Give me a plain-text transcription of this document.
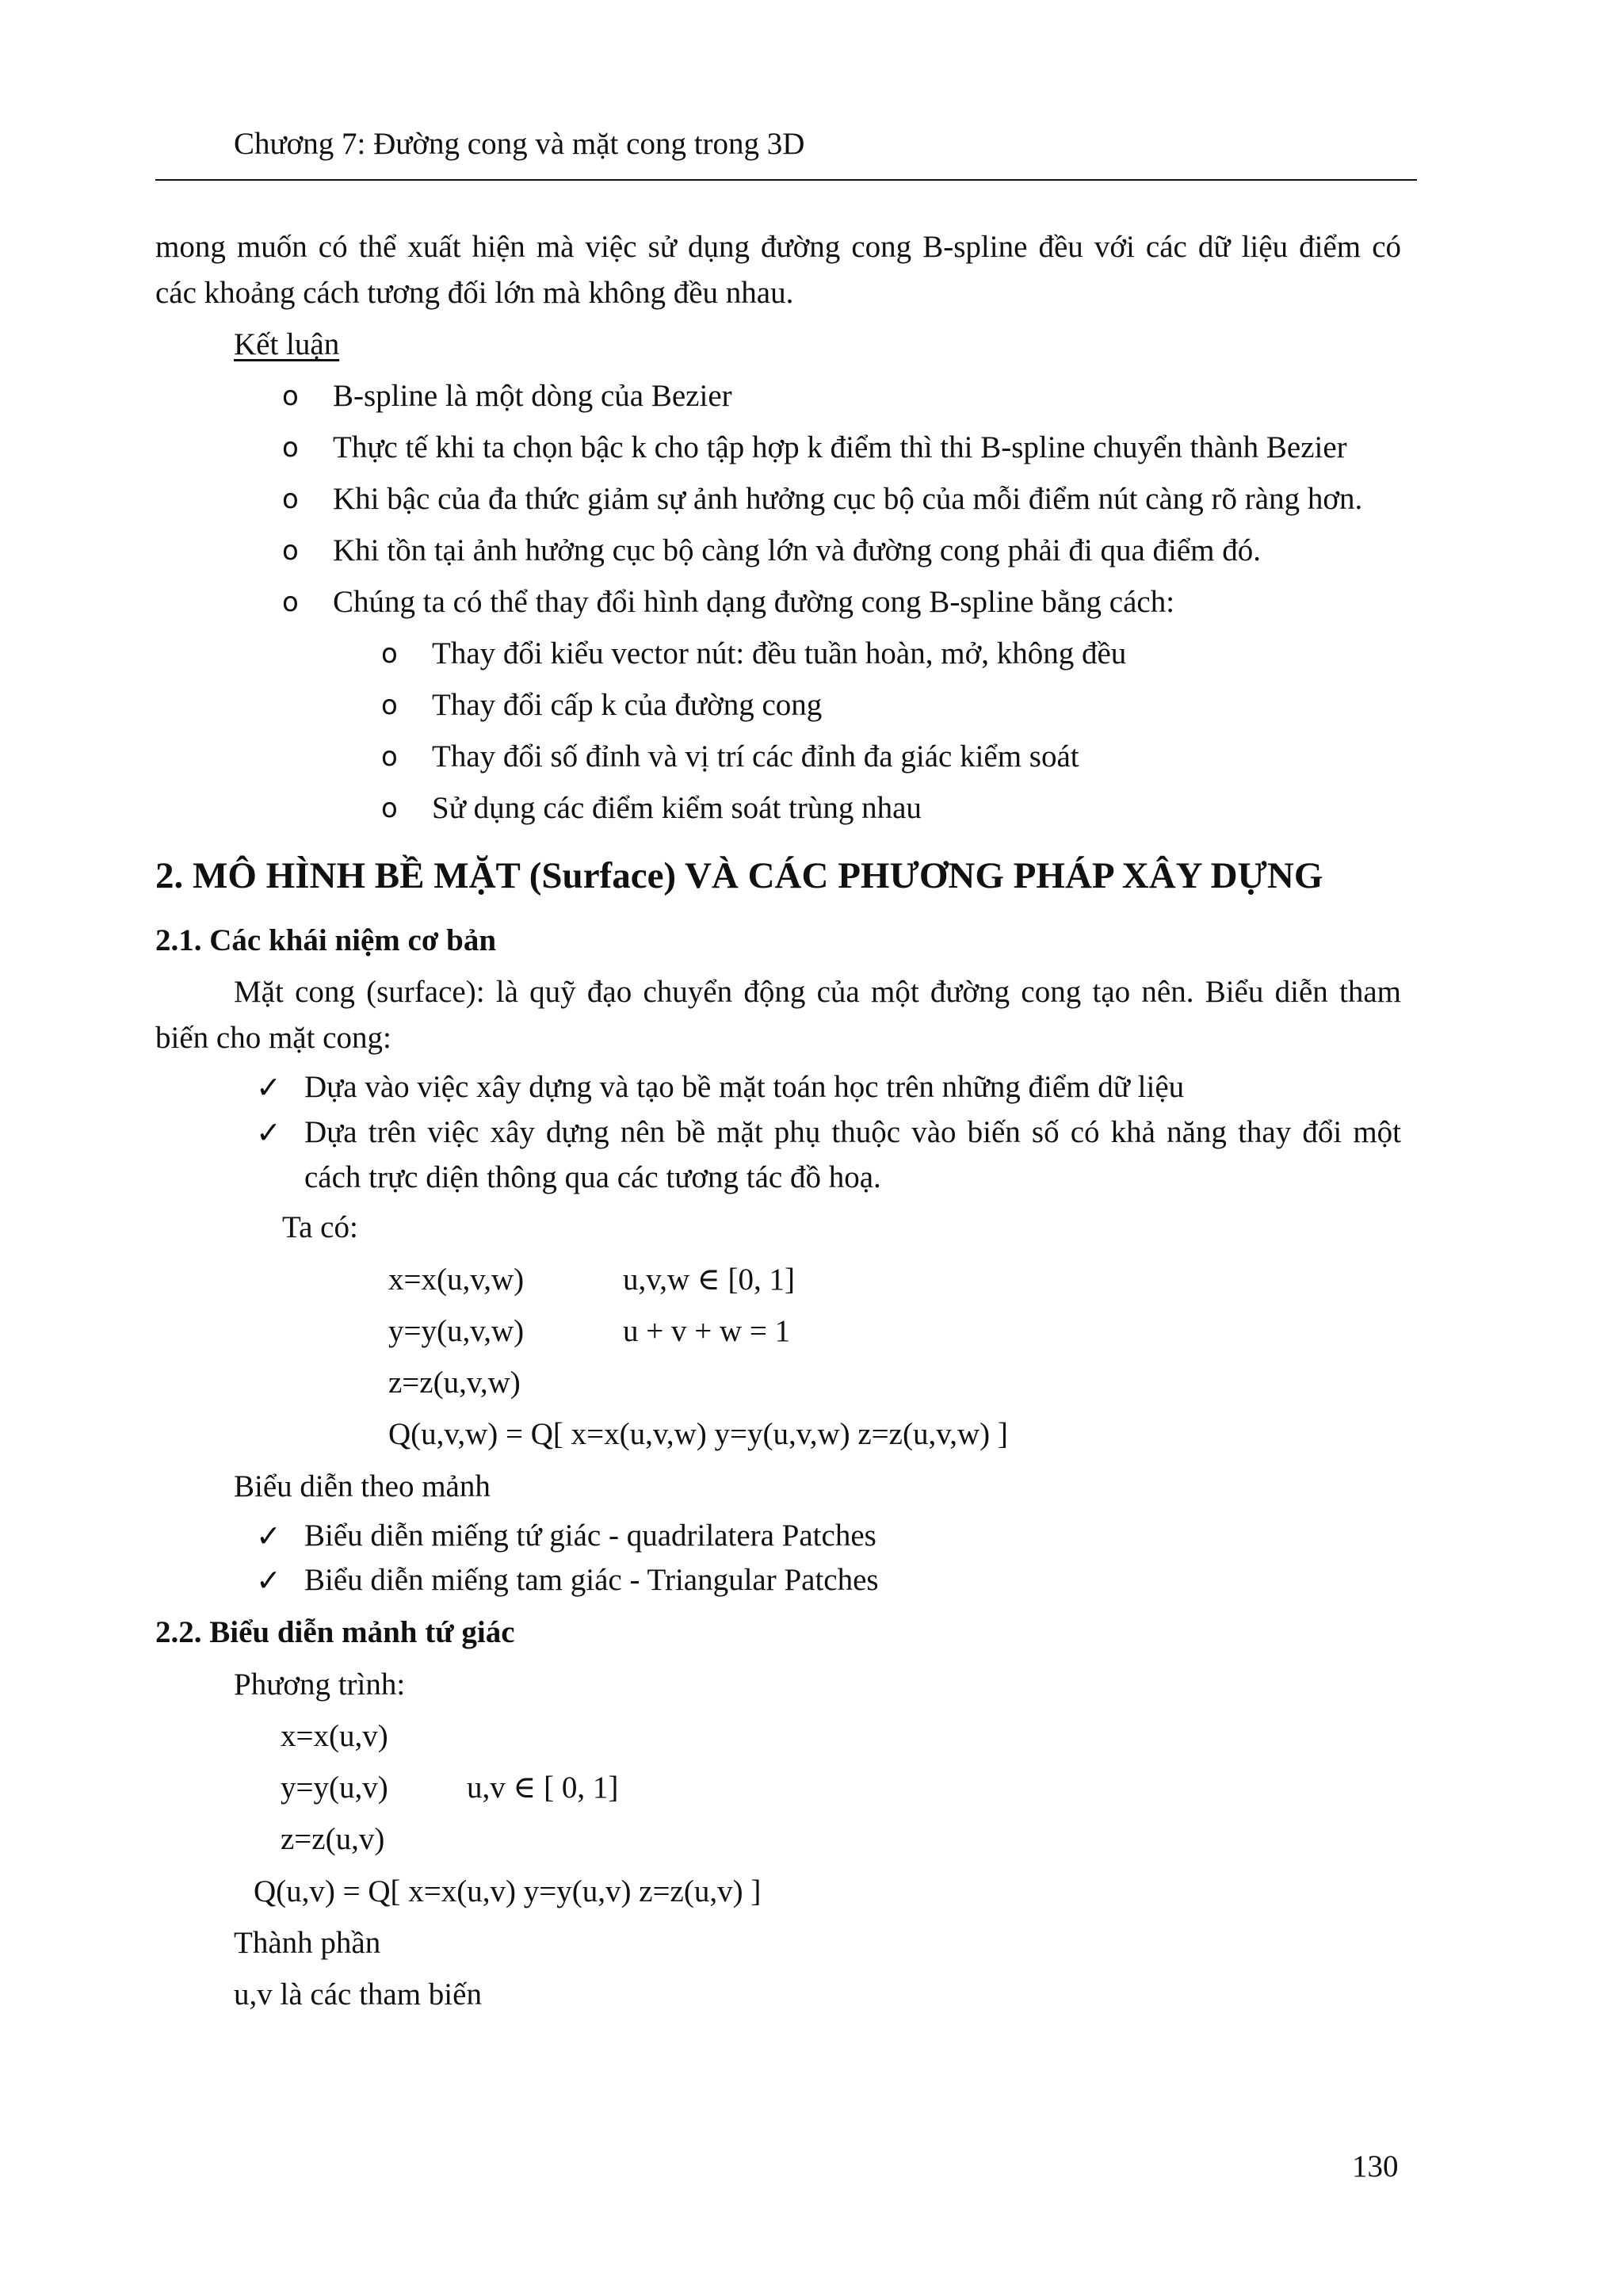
Chương 7: Đường cong và mặt cong trong 3D
mong muốn có thể xuất hiện mà việc sử dụng đường cong B-spline đều với các dữ liệu điểm có
các khoảng cách tương đối lớn mà không đều nhau.
Kết luận
o B-spline là một dòng của Bezier
o Thực tế khi ta chọn bậc k cho tập hợp k điểm thì thi B-spline chuyển thành Bezier
o Khi bậc của đa thức giảm sự ảnh hưởng cục bộ của mỗi điểm nút càng rõ ràng hơn.
o Khi tồn tại ảnh hưởng cục bộ càng lớn và đường cong phải đi qua điểm đó.
o Chúng ta có thể thay đổi hình dạng đường cong B-spline bằng cách:
o Thay đổi kiểu vector nút: đều tuần hoàn, mở, không đều
o Thay đổi cấp k của đường cong
o Thay đổi số đỉnh và vị trí các đỉnh đa giác kiểm soát
o Sử dụng các điểm kiểm soát trùng nhau
2. MÔ HÌNH BỀ MẶT (Surface) VÀ CÁC PHƯƠNG PHÁP XÂY DỰNG
2.1. Các khái niệm cơ bản
Mặt cong (surface): là quỹ đạo chuyển động của một đường cong tạo nên. Biểu diễn tham
biến cho mặt cong:
✓ Dựa vào việc xây dựng và tạo bề mặt toán học trên những điểm dữ liệu
✓ Dựa trên việc xây dựng nên bề mặt phụ thuộc vào biến số có khả năng thay đổi một
cách trực diện thông qua các tương tác đồ hoạ.
Ta có:
x=x(u,v,w)	u,v,w ∈ [0, 1]
y=y(u,v,w)	u + v + w = 1
z=z(u,v,w)
Q(u,v,w) = Q[ x=x(u,v,w) y=y(u,v,w) z=z(u,v,w) ]
Biểu diễn theo mảnh
✓ Biểu diễn miếng tứ giác - quadrilatera Patches
✓ Biểu diễn miếng tam giác - Triangular Patches
2.2. Biểu diễn mảnh tứ giác
Phương trình:
x=x(u,v)
y=y(u,v)	u,v ∈ [ 0, 1]
z=z(u,v)
Q(u,v) = Q[ x=x(u,v) y=y(u,v) z=z(u,v) ]
Thành phần
u,v là các tham biến
130
